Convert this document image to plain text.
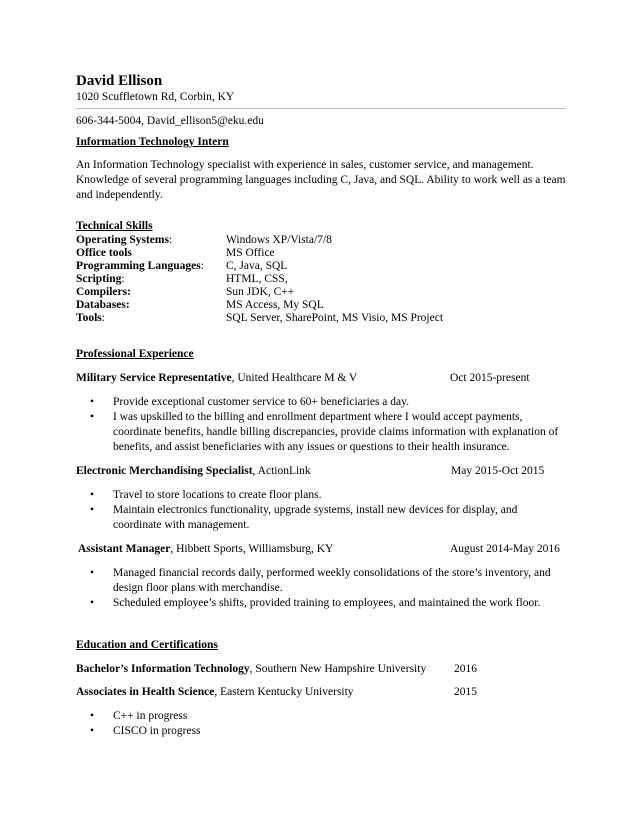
David Ellison
1020 Scuffletown Rd, Corbin, KY
606-344-5004, David_ellison5@eku.edu
Information Technology Intern
An Information Technology specialist with experience in sales, customer service, and management. Knowledge of several programming languages including C, Java, and SQL. Ability to work well as a team and independently.
Technical Skills
Operating Systems:	Windows XP/Vista/7/8
Office tools	MS Office
Programming Languages: C, Java, SQL
Scripting:	HTML, CSS,
Compilers:	Sun JDK, C++
Databases:	MS Access, My SQL
Tools:	SQL Server, SharePoint, MS Visio, MS Project
Professional Experience
Military Service Representative, United Healthcare M & V	Oct 2015-present
• Provide exceptional customer service to 60+ beneficiaries a day.
• I was upskilled to the billing and enrollment department where I would accept payments, coordinate benefits, handle billing discrepancies, provide claims information with explanation of benefits, and assist beneficiaries with any issues or questions to their health insurance.
Electronic Merchandising Specialist, ActionLink	May 2015-Oct 2015
• Travel to store locations to create floor plans.
• Maintain electronics functionality, upgrade systems, install new devices for display, and coordinate with management.
Assistant Manager, Hibbett Sports, Williamsburg, KY	August 2014-May 2016
• Managed financial records daily, performed weekly consolidations of the store’s inventory, and design floor plans with merchandise.
• Scheduled employee’s shifts, provided training to employees, and maintained the work floor.
Education and Certifications
Bachelor’s Information Technology, Southern New Hampshire University 2016
Associates in Health Science, Eastern Kentucky University	2015
• C++ in progress
• CISCO in progress
